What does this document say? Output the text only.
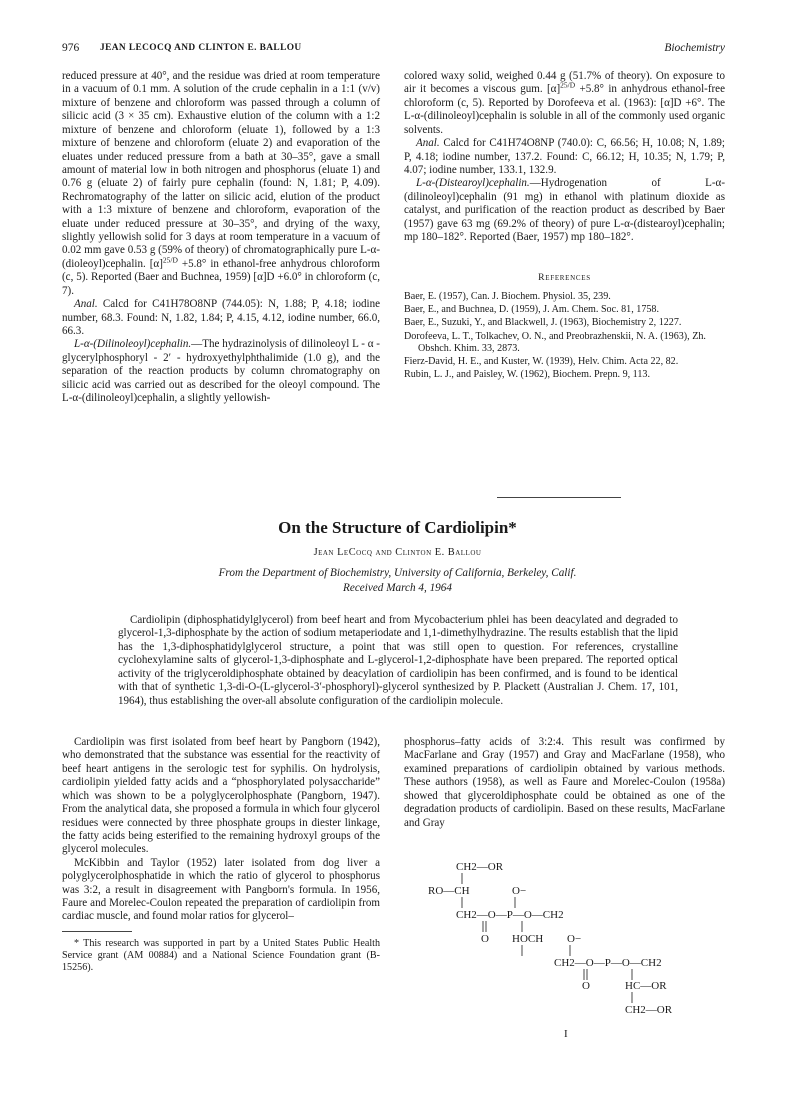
976 JEAN LECOCQ AND CLINTON E. BALLOU	Biochemistry

reduced pressure at 40°, and the residue was dried at room temperature in a vacuum of 0.1 mm. A solution of the crude cephalin in a 1:1 (v/v) mixture of benzene and chloroform was passed through a column of silicic acid (3 × 35 cm). Exhaustive elution of the column with a 1:2 mixture of benzene and chloroform (eluate 1), followed by a 1:3 mixture of benzene and chloroform (eluate 2) and evaporation of the eluates under reduced pressure from a bath at 30–35°, gave a small amount of material low in both nitrogen and phosphorus (eluate 1) and 0.76 g (eluate 2) of fairly pure cephalin (found: N, 1.81; P, 4.09). Rechromatography of the latter on silicic acid, elution of the product with a 1:3 mixture of benzene and chloroform, evaporation of the eluate under reduced pressure at 30–35°, and drying of the waxy, slightly yellowish solid for 3 days at room temperature in a vacuum of 0.02 mm gave 0.53 g (59% of theory) of chromatographically pure L-α-(dioleoyl)cephalin. $[\alpha]^{25/D} +5.8^\circ$ in ethanol-free anhydrous chloroform (c, 5). Reported (Baer and Buchnea, 1959) [α]D +6.0° in chloroform (c, 7).

Anal. Calcd for C41H78O8NP (744.05): N, 1.88; P, 4.18; iodine number, 68.3. Found: N, 1.82, 1.84; P, 4.15, 4.12, iodine number, 66.0, 66.3.

L-α-(Dilinoleoyl)cephalin.—The hydrazinolysis of dilinoleoyl L - α - glycerylphosphoryl - 2′ - hydroxyethylphthalimide (1.0 g), and the separation of the reaction products by column chromatography on silicic acid was carried out as described for the oleoyl compound. The L-α-(dilinoleoyl)cephalin, a slightly yellowish-

colored waxy solid, weighed 0.44 g (51.7% of theory). On exposure to air it becomes a viscous gum. $[\alpha]^{25/D} +5.8^\circ$ in anhydrous ethanol-free chloroform (c, 5). Reported by Dorofeeva et al. (1963): [α]D +6°. The L-α-(dilinoleoyl)cephalin is soluble in all of the commonly used organic solvents.

Anal. Calcd for C41H74O8NP (740.0): C, 66.56; H, 10.08; N, 1.89; P, 4.18; iodine number, 137.2. Found: C, 66.12; H, 10.35; N, 1.79; P, 4.07; iodine number, 133.1, 132.9.

L-α-(Distearoyl)cephalin.—Hydrogenation of L-α-(dilinoleoyl)cephalin (91 mg) in ethanol with platinum dioxide as catalyst, and purification of the reaction product as described by Baer (1957) gave 63 mg (69.2% of theory) of pure L-α-(distearoyl)cephalin; mp 180–182°. Reported (Baer, 1957) mp 180–182°.

References
Baer, E. (1957), Can. J. Biochem. Physiol. 35, 239.
Baer, E., and Buchnea, D. (1959), J. Am. Chem. Soc. 81, 1758.
Baer, E., Suzuki, Y., and Blackwell, J. (1963), Biochemistry 2, 1227.
Dorofeeva, L. T., Tolkachev, O. N., and Preobrazhenskii, N. A. (1963), Zh. Obshch. Khim. 33, 2873.
Fierz-David, H. E., and Kuster, W. (1939), Helv. Chim. Acta 22, 82.
Rubin, L. J., and Paisley, W. (1962), Biochem. Prepn. 9, 113.
On the Structure of Cardiolipin*
Jean LeCocq and Clinton E. Ballou
From the Department of Biochemistry, University of California, Berkeley, Calif.
Received March 4, 1964
Cardiolipin (diphosphatidylglycerol) from beef heart and from Mycobacterium phlei has been deacylated and degraded to glycerol-1,3-diphosphate by the action of sodium metaperiodate and 1,1-dimethylhydrazine. The results establish that the lipid has the 1,3-diphosphatidylglycerol structure, a point that was still open to question. For references, crystalline cyclohexylamine salts of glycerol-1,3-diphosphate and L-glycerol-1,2-diphosphate have been prepared. The reported optical activity of the triglyceroldiphosphate obtained by deacylation of cardiolipin has been confirmed, and is found to be identical with that of synthetic 1,3-di-O-(L-glycerol-3′-phosphoryl)-glycerol synthesized by P. Plackett (Australian J. Chem. 17, 101, 1964), thus establishing the over-all absolute configuration of the cardiolipin molecule.

Cardiolipin was first isolated from beef heart by Pangborn (1942), who demonstrated that the substance was essential for the reactivity of beef heart antigens in the serologic test for syphilis. On hydrolysis, cardiolipin yielded fatty acids and a “phosphorylated polysaccharide” which was shown to be a polyglycerolphosphate (Pangborn, 1947). From the analytical data, she proposed a formula in which four glycerol residues were connected by three phosphate groups in diester linkage, the fatty acids being esterified to the remaining hydroxyl groups of the glycerol molecules.

McKibbin and Taylor (1952) later isolated from dog liver a polyglycerolphosphatide in which the ratio of glycerol to phosphorus was 3:2, a result in disagreement with Pangborn's formula. In 1956, Faure and Morelec-Coulon repeated the preparation of cardiolipin from cardiac muscle, and found molar ratios for glycerol–

* This research was supported in part by a United States Public Health Service grant (AM 00884) and a National Science Foundation grant (B-15256).

phosphorus–fatty acids of 3:2:4. This result was confirmed by MacFarlane and Gray (1957) and Gray and MacFarlane (1958), who examined preparations of cardiolipin obtained by various methods. These authors (1958), as well as Faure and Morelec-Coulon (1958a) showed that glyceroldiphosphate could be obtained as one of the degradation products of cardiolipin. Based on these results, MacFarlane and Gray

CH2—OR
RO—CH	O−
CH2—O—P—O—CH2
O HOCH O−
CH2—O—P—O—CH2
O	HC—OR
CH2—OR
I
